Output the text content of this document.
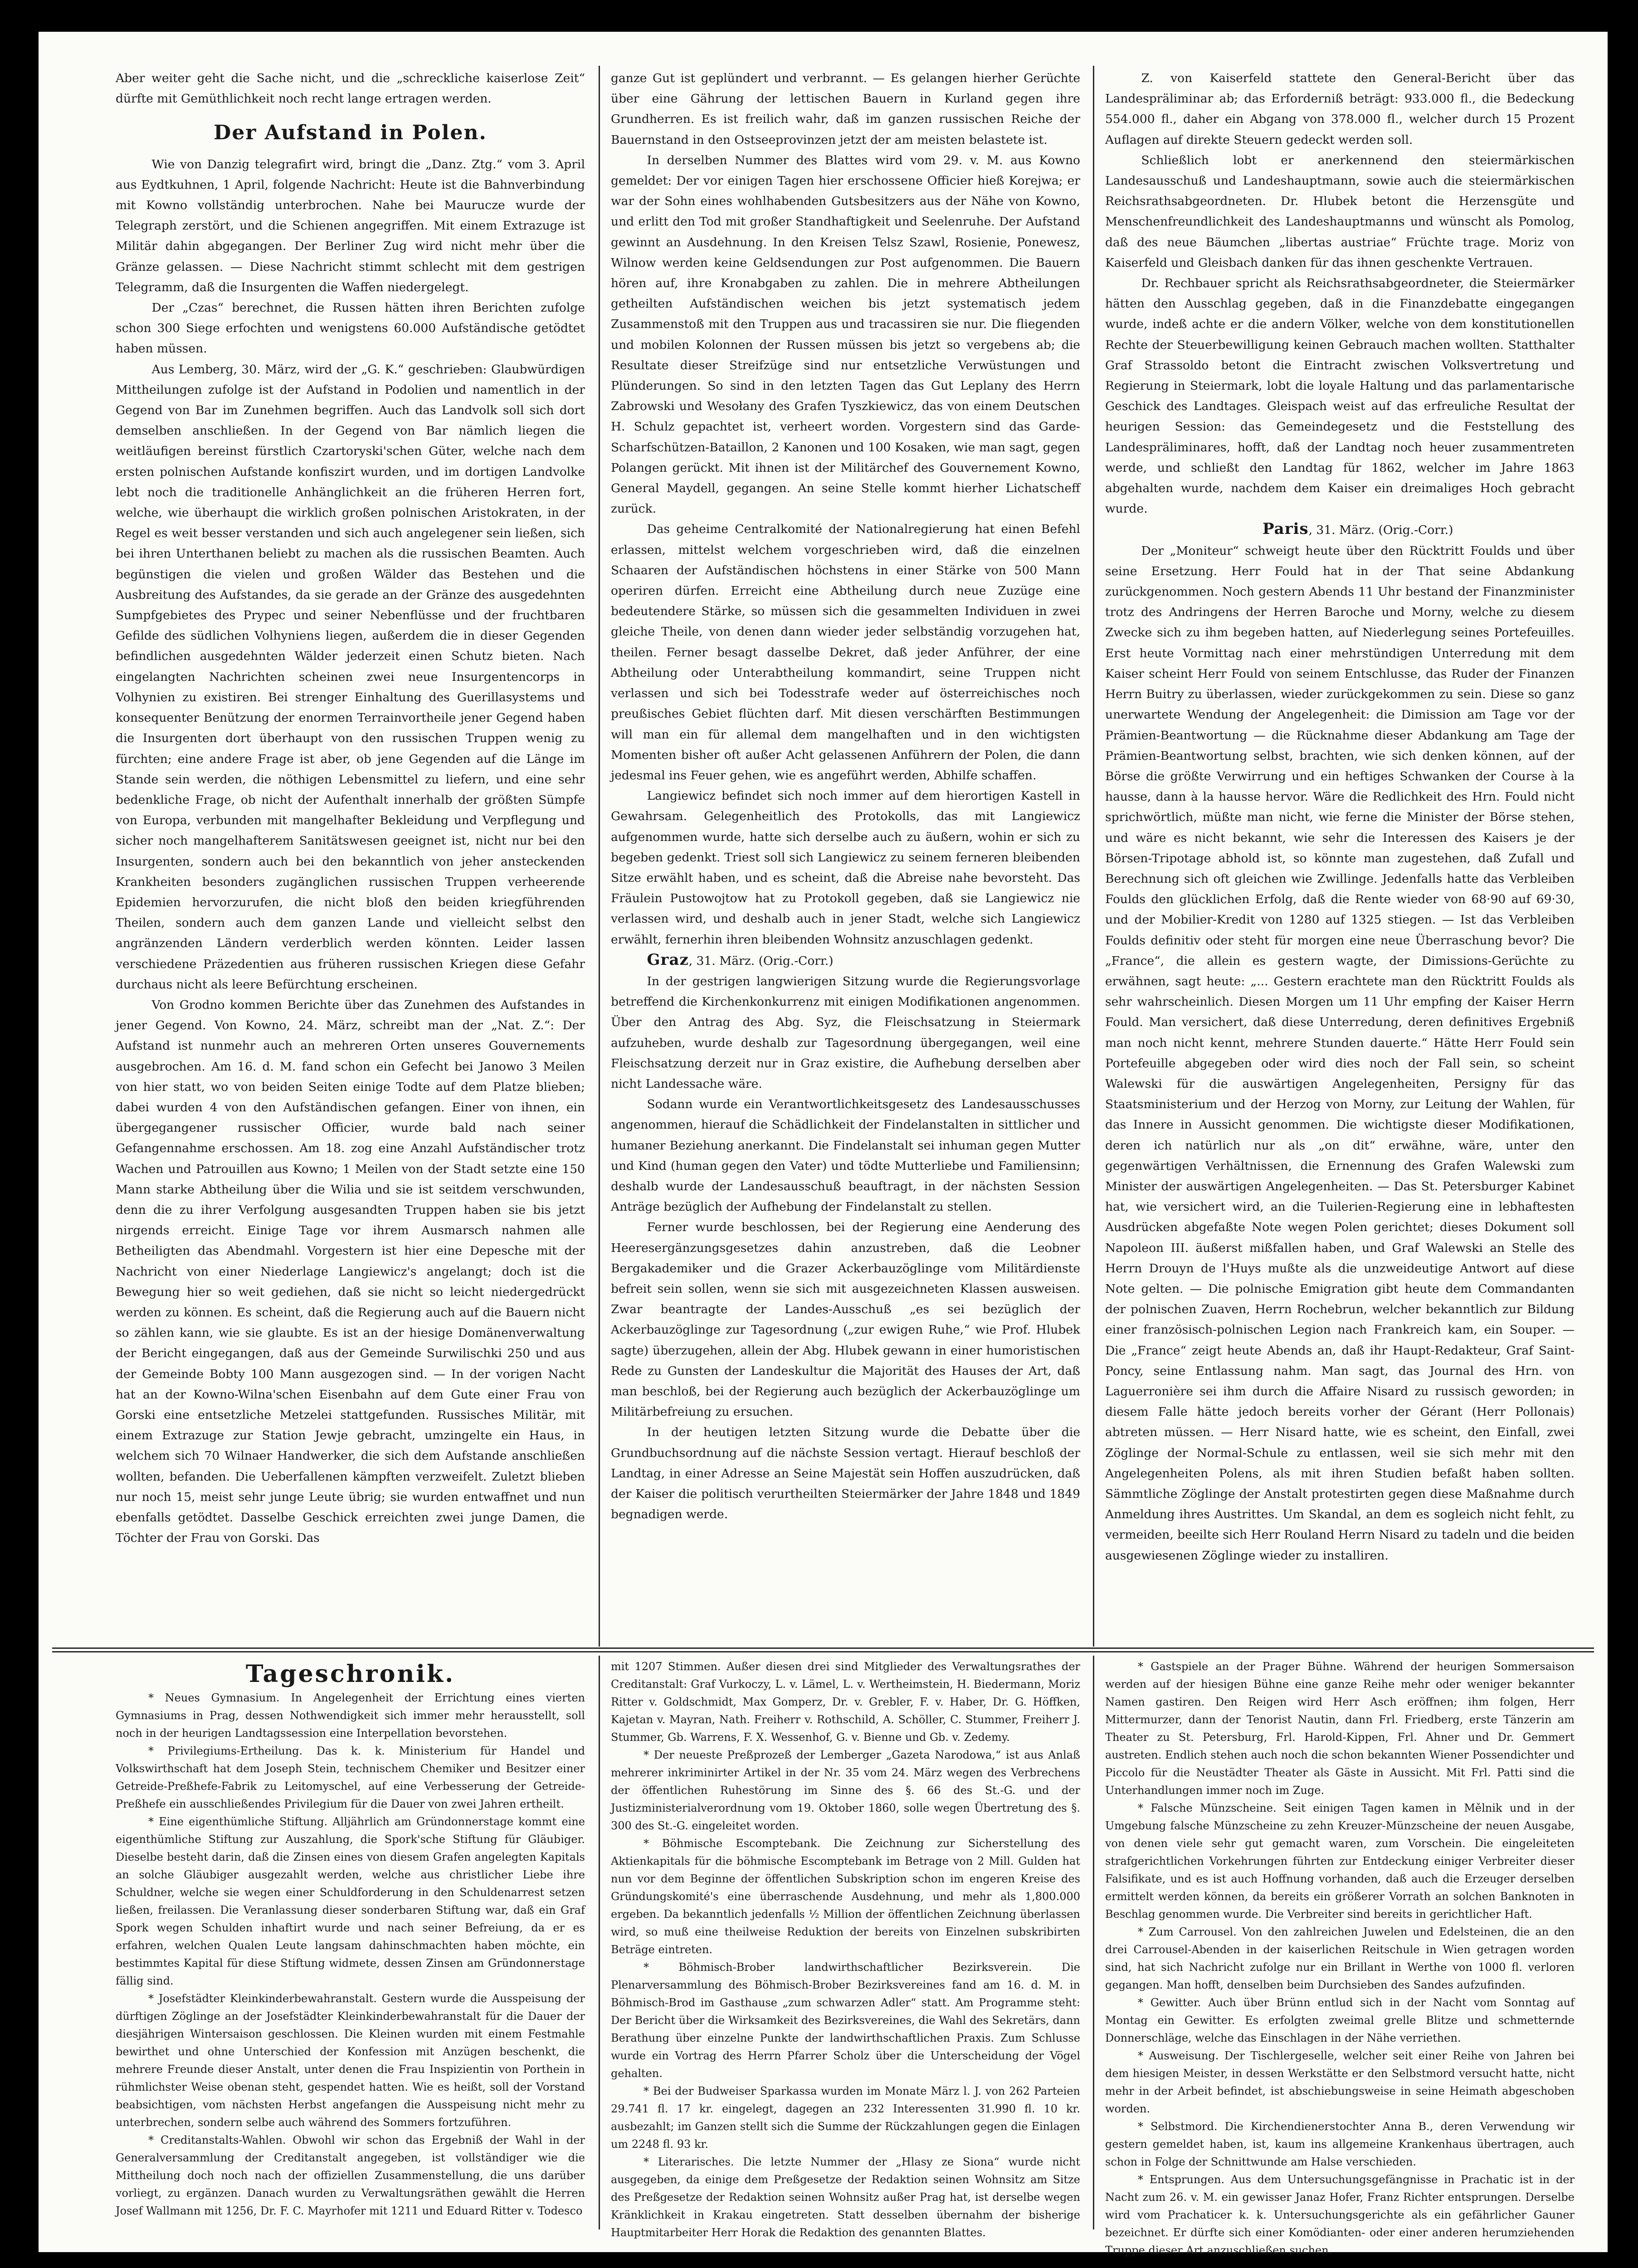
Aber weiter geht die Sache nicht, und die „schreckliche kaiserlose Zeit“ dürfte mit Gemüthlichkeit noch recht lange ertragen werden.

Der Aufstand in Polen.

Wie von Danzig telegrafirt wird, bringt die „Danz. Ztg.“ vom 3. April aus Eydtkuhnen, 1 April, folgende Nachricht: Heute ist die Bahnverbindung mit Kowno vollständig unterbrochen. Nahe bei Maurucze wurde der Telegraph zerstört, und die Schienen angegriffen. Mit einem Extrazuge ist Militär dahin abgegangen. Der Berliner Zug wird nicht mehr über die Gränze gelassen. — Diese Nachricht stimmt schlecht mit dem gestrigen Telegramm, daß die Insurgenten die Waffen niedergelegt.

Der „Czas“ berechnet, die Russen hätten ihren Berichten zufolge schon 300 Siege erfochten und wenigstens 60.000 Aufständische getödtet haben müssen.

Aus Lemberg, 30. März, wird der „G. K.“ geschrieben: Glaubwürdigen Mittheilungen zufolge ist der Aufstand in Podolien und namentlich in der Gegend von Bar im Zunehmen begriffen. Auch das Landvolk soll sich dort demselben anschließen. In der Gegend von Bar nämlich liegen die weitläufigen bereinst fürstlich Czartoryski'schen Güter, welche nach dem ersten polnischen Aufstande konfiszirt wurden, und im dortigen Landvolke lebt noch die traditionelle Anhänglichkeit an die früheren Herren fort, welche, wie überhaupt die wirklich großen polnischen Aristokraten, in der Regel es weit besser verstanden und sich auch angelegener sein ließen, sich bei ihren Unterthanen beliebt zu machen als die russischen Beamten. Auch begünstigen die vielen und großen Wälder das Bestehen und die Ausbreitung des Aufstandes, da sie gerade an der Gränze des ausgedehnten Sumpfgebietes des Prypec und seiner Nebenflüsse und der fruchtbaren Gefilde des südlichen Volhyniens liegen, außerdem die in dieser Gegenden befindlichen ausgedehnten Wälder jederzeit einen Schutz bieten. Nach eingelangten Nachrichten scheinen zwei neue Insurgentencorps in Volhynien zu existiren. Bei strenger Einhaltung des Guerillasystems und konsequenter Benützung der enormen Terrainvortheile jener Gegend haben die Insurgenten dort überhaupt von den russischen Truppen wenig zu fürchten; eine andere Frage ist aber, ob jene Gegenden auf die Länge im Stande sein werden, die nöthigen Lebensmittel zu liefern, und eine sehr bedenkliche Frage, ob nicht der Aufenthalt innerhalb der größten Sümpfe von Europa, verbunden mit mangelhafter Bekleidung und Verpflegung und sicher noch mangelhafterem Sanitätswesen geeignet ist, nicht nur bei den Insurgenten, sondern auch bei den bekanntlich von jeher ansteckenden Krankheiten besonders zugänglichen russischen Truppen verheerende Epidemien hervorzurufen, die nicht bloß den beiden kriegführenden Theilen, sondern auch dem ganzen Lande und vielleicht selbst den angränzenden Ländern verderblich werden könnten. Leider lassen verschiedene Präzedentien aus früheren russischen Kriegen diese Gefahr durchaus nicht als leere Befürchtung erscheinen.

Von Grodno kommen Berichte über das Zunehmen des Aufstandes in jener Gegend. Von Kowno, 24. März, schreibt man der „Nat. Z.“: Der Aufstand ist nunmehr auch an mehreren Orten unseres Gouvernements ausgebrochen. Am 16. d. M. fand schon ein Gefecht bei Janowo 3 Meilen von hier statt, wo von beiden Seiten einige Todte auf dem Platze blieben; dabei wurden 4 von den Aufständischen gefangen. Einer von ihnen, ein übergegangener russischer Officier, wurde bald nach seiner Gefangennahme erschossen. Am 18. zog eine Anzahl Aufständischer trotz Wachen und Patrouillen aus Kowno; 1 Meilen von der Stadt setzte eine 150 Mann starke Abtheilung über die Wilia und sie ist seitdem verschwunden, denn die zu ihrer Verfolgung ausgesandten Truppen haben sie bis jetzt nirgends erreicht. Einige Tage vor ihrem Ausmarsch nahmen alle Betheiligten das Abendmahl. Vorgestern ist hier eine Depesche mit der Nachricht von einer Niederlage Langiewicz's angelangt; doch ist die Bewegung hier so weit gediehen, daß sie nicht so leicht niedergedrückt werden zu können. Es scheint, daß die Regierung auch auf die Bauern nicht so zählen kann, wie sie glaubte. Es ist an der hiesige Domänenverwaltung der Bericht eingegangen, daß aus der Gemeinde Surwilischki 250 und aus der Gemeinde Bobty 100 Mann ausgezogen sind. — In der vorigen Nacht hat an der Kowno-Wilna'schen Eisenbahn auf dem Gute einer Frau von Gorski eine entsetzliche Metzelei stattgefunden. Russisches Militär, mit einem Extrazuge zur Station Jewje gebracht, umzingelte ein Haus, in welchem sich 70 Wilnaer Handwerker, die sich dem Aufstande anschließen wollten, befanden. Die Ueberfallenen kämpften verzweifelt. Zuletzt blieben nur noch 15, meist sehr junge Leute übrig; sie wurden entwaffnet und nun ebenfalls getödtet. Dasselbe Geschick erreichten zwei junge Damen, die Töchter der Frau von Gorski. Das

ganze Gut ist geplündert und verbrannt. — Es gelangen hierher Gerüchte über eine Gährung der lettischen Bauern in Kurland gegen ihre Grundherren. Es ist freilich wahr, daß im ganzen russischen Reiche der Bauernstand in den Ostseeprovinzen jetzt der am meisten belastete ist.

In derselben Nummer des Blattes wird vom 29. v. M. aus Kowno gemeldet: Der vor einigen Tagen hier erschossene Officier hieß Korejwa; er war der Sohn eines wohlhabenden Gutsbesitzers aus der Nähe von Kowno, und erlitt den Tod mit großer Standhaftigkeit und Seelenruhe. Der Aufstand gewinnt an Ausdehnung. In den Kreisen Telsz Szawl, Rosienie, Ponewesz, Wilnow werden keine Geldsendungen zur Post aufgenommen. Die Bauern hören auf, ihre Kronabgaben zu zahlen. Die in mehrere Abtheilungen getheilten Aufständischen weichen bis jetzt systematisch jedem Zusammenstoß mit den Truppen aus und tracassiren sie nur. Die fliegenden und mobilen Kolonnen der Russen müssen bis jetzt so vergebens ab; die Resultate dieser Streifzüge sind nur entsetzliche Verwüstungen und Plünderungen. So sind in den letzten Tagen das Gut Leplany des Herrn Zabrowski und Wesołany des Grafen Tyszkiewicz, das von einem Deutschen H. Schulz gepachtet ist, verheert worden. Vorgestern sind das Garde-Scharfschützen-Bataillon, 2 Kanonen und 100 Kosaken, wie man sagt, gegen Polangen gerückt. Mit ihnen ist der Militärchef des Gouvernement Kowno, General Maydell, gegangen. An seine Stelle kommt hierher Lichatscheff zurück.

Das geheime Centralkomité der Nationalregierung hat einen Befehl erlassen, mittelst welchem vorgeschrieben wird, daß die einzelnen Schaaren der Aufständischen höchstens in einer Stärke von 500 Mann operiren dürfen. Erreicht eine Abtheilung durch neue Zuzüge eine bedeutendere Stärke, so müssen sich die gesammelten Individuen in zwei gleiche Theile, von denen dann wieder jeder selbständig vorzugehen hat, theilen. Ferner besagt dasselbe Dekret, daß jeder Anführer, der eine Abtheilung oder Unterabtheilung kommandirt, seine Truppen nicht verlassen und sich bei Todesstrafe weder auf österreichisches noch preußisches Gebiet flüchten darf. Mit diesen verschärften Bestimmungen will man ein für allemal dem mangelhaften und in den wichtigsten Momenten bisher oft außer Acht gelassenen Anführern der Polen, die dann jedesmal ins Feuer gehen, wie es angeführt werden, Abhilfe schaffen.

Langiewicz befindet sich noch immer auf dem hierortigen Kastell in Gewahrsam. Gelegenheitlich des Protokolls, das mit Langiewicz aufgenommen wurde, hatte sich derselbe auch zu äußern, wohin er sich zu begeben gedenkt. Triest soll sich Langiewicz zu seinem ferneren bleibenden Sitze erwählt haben, und es scheint, daß die Abreise nahe bevorsteht. Das Fräulein Pustowojtow hat zu Protokoll gegeben, daß sie Langiewicz nie verlassen wird, und deshalb auch in jener Stadt, welche sich Langiewicz erwählt, fernerhin ihren bleibenden Wohnsitz anzuschlagen gedenkt.

Graz, 31. März. (Orig.-Corr.)

In der gestrigen langwierigen Sitzung wurde die Regierungsvorlage betreffend die Kirchenkonkurrenz mit einigen Modifikationen angenommen. Über den Antrag des Abg. Syz, die Fleischsatzung in Steiermark aufzuheben, wurde deshalb zur Tagesordnung übergegangen, weil eine Fleischsatzung derzeit nur in Graz existire, die Aufhebung derselben aber nicht Landessache wäre.

Sodann wurde ein Verantwortlichkeitsgesetz des Landesausschusses angenommen, hierauf die Schädlichkeit der Findelanstalten in sittlicher und humaner Beziehung anerkannt. Die Findelanstalt sei inhuman gegen Mutter und Kind (human gegen den Vater) und tödte Mutterliebe und Familiensinn; deshalb wurde der Landesausschuß beauftragt, in der nächsten Session Anträge bezüglich der Aufhebung der Findelanstalt zu stellen.

Ferner wurde beschlossen, bei der Regierung eine Aenderung des Heeresergänzungsgesetzes dahin anzustreben, daß die Leobner Bergakademiker und die Grazer Ackerbauzöglinge vom Militärdienste befreit sein sollen, wenn sie sich mit ausgezeichneten Klassen ausweisen. Zwar beantragte der Landes-Ausschuß „es sei bezüglich der Ackerbauzöglinge zur Tagesordnung („zur ewigen Ruhe,“ wie Prof. Hlubek sagte) überzugehen, allein der Abg. Hlubek gewann in einer humoristischen Rede zu Gunsten der Landeskultur die Majorität des Hauses der Art, daß man beschloß, bei der Regierung auch bezüglich der Ackerbauzöglinge um Militärbefreiung zu ersuchen.

In der heutigen letzten Sitzung wurde die Debatte über die Grundbuchsordnung auf die nächste Session vertagt. Hierauf beschloß der Landtag, in einer Adresse an Seine Majestät sein Hoffen auszudrücken, daß der Kaiser die politisch verurtheilten Steiermärker der Jahre 1848 und 1849 begnadigen werde.

Z. von Kaiserfeld stattete den General-Bericht über das Landespräliminar ab; das Erforderniß beträgt: 933.000 fl., die Bedeckung 554.000 fl., daher ein Abgang von 378.000 fl., welcher durch 15 Prozent Auflagen auf direkte Steuern gedeckt werden soll.

Schließlich lobt er anerkennend den steiermärkischen Landesausschuß und Landeshauptmann, sowie auch die steiermärkischen Reichsrathsabgeordneten. Dr. Hlubek betont die Herzensgüte und Menschenfreundlichkeit des Landeshauptmanns und wünscht als Pomolog, daß des neue Bäumchen „libertas austriae“ Früchte trage. Moriz von Kaiserfeld und Gleisbach danken für das ihnen geschenkte Vertrauen.

Dr. Rechbauer spricht als Reichsrathsabgeordneter, die Steiermärker hätten den Ausschlag gegeben, daß in die Finanzdebatte eingegangen wurde, indeß achte er die andern Völker, welche von dem konstitutionellen Rechte der Steuerbewilligung keinen Gebrauch machen wollten. Statthalter Graf Strassoldo betont die Eintracht zwischen Volksvertretung und Regierung in Steiermark, lobt die loyale Haltung und das parlamentarische Geschick des Landtages. Gleispach weist auf das erfreuliche Resultat der heurigen Session: das Gemeindegesetz und die Feststellung des Landespräliminares, hofft, daß der Landtag noch heuer zusammentreten werde, und schließt den Landtag für 1862, welcher im Jahre 1863 abgehalten wurde, nachdem dem Kaiser ein dreimaliges Hoch gebracht wurde.

Paris, 31. März. (Orig.-Corr.)

Der „Moniteur“ schweigt heute über den Rücktritt Foulds und über seine Ersetzung. Herr Fould hat in der That seine Abdankung zurückgenommen. Noch gestern Abends 11 Uhr bestand der Finanzminister trotz des Andringens der Herren Baroche und Morny, welche zu diesem Zwecke sich zu ihm begeben hatten, auf Niederlegung seines Portefeuilles. Erst heute Vormittag nach einer mehrstündigen Unterredung mit dem Kaiser scheint Herr Fould von seinem Entschlusse, das Ruder der Finanzen Herrn Buitry zu überlassen, wieder zurückgekommen zu sein. Diese so ganz unerwartete Wendung der Angelegenheit: die Dimission am Tage vor der Prämien-Beantwortung — die Rücknahme dieser Abdankung am Tage der Prämien-Beantwortung selbst, brachten, wie sich denken können, auf der Börse die größte Verwirrung und ein heftiges Schwanken der Course à la hausse, dann à la hausse hervor. Wäre die Redlichkeit des Hrn. Fould nicht sprichwörtlich, müßte man nicht, wie ferne die Minister der Börse stehen, und wäre es nicht bekannt, wie sehr die Interessen des Kaisers je der Börsen-Tripotage abhold ist, so könnte man zugestehen, daß Zufall und Berechnung sich oft gleichen wie Zwillinge. Jedenfalls hatte das Verbleiben Foulds den glücklichen Erfolg, daß die Rente wieder von 68·90 auf 69·30, und der Mobilier-Kredit von 1280 auf 1325 stiegen. — Ist das Verbleiben Foulds definitiv oder steht für morgen eine neue Überraschung bevor? Die „France“, die allein es gestern wagte, der Dimissions-Gerüchte zu erwähnen, sagt heute: „... Gestern erachtete man den Rücktritt Foulds als sehr wahrscheinlich. Diesen Morgen um 11 Uhr empfing der Kaiser Herrn Fould. Man versichert, daß diese Unterredung, deren definitives Ergebniß man noch nicht kennt, mehrere Stunden dauerte.“ Hätte Herr Fould sein Portefeuille abgegeben oder wird dies noch der Fall sein, so scheint Walewski für die auswärtigen Angelegenheiten, Persigny für das Staatsministerium und der Herzog von Morny, zur Leitung der Wahlen, für das Innere in Aussicht genommen. Die wichtigste dieser Modifikationen, deren ich natürlich nur als „on dit“ erwähne, wäre, unter den gegenwärtigen Verhältnissen, die Ernennung des Grafen Walewski zum Minister der auswärtigen Angelegenheiten. — Das St. Petersburger Kabinet hat, wie versichert wird, an die Tuilerien-Regierung eine in lebhaftesten Ausdrücken abgefaßte Note wegen Polen gerichtet; dieses Dokument soll Napoleon III. äußerst mißfallen haben, und Graf Walewski an Stelle des Herrn Drouyn de l'Huys mußte als die unzweideutige Antwort auf diese Note gelten. — Die polnische Emigration gibt heute dem Commandanten der polnischen Zuaven, Herrn Rochebrun, welcher bekanntlich zur Bildung einer französisch-polnischen Legion nach Frankreich kam, ein Souper. — Die „France“ zeigt heute Abends an, daß ihr Haupt-Redakteur, Graf Saint-Poncy, seine Entlassung nahm. Man sagt, das Journal des Hrn. von Laguerronière sei ihm durch die Affaire Nisard zu russisch geworden; in diesem Falle hätte jedoch bereits vorher der Gérant (Herr Pollonais) abtreten müssen. — Herr Nisard hatte, wie es scheint, den Einfall, zwei Zöglinge der Normal-Schule zu entlassen, weil sie sich mehr mit den Angelegenheiten Polens, als mit ihren Studien befaßt haben sollten. Sämmtliche Zöglinge der Anstalt protestirten gegen diese Maßnahme durch Anmeldung ihres Austrittes. Um Skandal, an dem es sogleich nicht fehlt, zu vermeiden, beeilte sich Herr Rouland Herrn Nisard zu tadeln und die beiden ausgewiesenen Zöglinge wieder zu installiren.

Tageschronik.

* Neues Gymnasium. In Angelegenheit der Errichtung eines vierten Gymnasiums in Prag, dessen Nothwendigkeit sich immer mehr herausstellt, soll noch in der heurigen Landtagssession eine Interpellation bevorstehen.

* Privilegiums-Ertheilung. Das k. k. Ministerium für Handel und Volkswirthschaft hat dem Joseph Stein, technischem Chemiker und Besitzer einer Getreide-Preßhefe-Fabrik zu Leitomyschel, auf eine Verbesserung der Getreide-Preßhefe ein ausschließendes Privilegium für die Dauer von zwei Jahren ertheilt.

* Eine eigenthümliche Stiftung. Alljährlich am Gründonnerstage kommt eine eigenthümliche Stiftung zur Auszahlung, die Spork'sche Stiftung für Gläubiger. Dieselbe besteht darin, daß die Zinsen eines von diesem Grafen angelegten Kapitals an solche Gläubiger ausgezahlt werden, welche aus christlicher Liebe ihre Schuldner, welche sie wegen einer Schuldforderung in den Schuldenarrest setzen ließen, freilassen. Die Veranlassung dieser sonderbaren Stiftung war, daß ein Graf Spork wegen Schulden inhaftirt wurde und nach seiner Befreiung, da er es erfahren, welchen Qualen Leute langsam dahinschmachten haben möchte, ein bestimmtes Kapital für diese Stiftung widmete, dessen Zinsen am Gründonnerstage fällig sind.

* Josefstädter Kleinkinderbewahranstalt. Gestern wurde die Ausspeisung der dürftigen Zöglinge an der Josefstädter Kleinkinderbewahranstalt für die Dauer der diesjährigen Wintersaison geschlossen. Die Kleinen wurden mit einem Festmahle bewirthet und ohne Unterschied der Konfession mit Anzügen beschenkt, die mehrere Freunde dieser Anstalt, unter denen die Frau Inspizientin von Porthein in rühmlichster Weise obenan steht, gespendet hatten. Wie es heißt, soll der Vorstand beabsichtigen, vom nächsten Herbst angefangen die Ausspeisung nicht mehr zu unterbrechen, sondern selbe auch während des Sommers fortzuführen.

* Creditanstalts-Wahlen. Obwohl wir schon das Ergebniß der Wahl in der Generalversammlung der Creditanstalt angegeben, ist vollständiger wie die Mittheilung doch noch nach der offiziellen Zusammenstellung, die uns darüber vorliegt, zu ergänzen. Danach wurden zu Verwaltungsräthen gewählt die Herren Josef Wallmann mit 1256, Dr. F. C. Mayrhofer mit 1211 und Eduard Ritter v. Todesco

mit 1207 Stimmen. Außer diesen drei sind Mitglieder des Verwaltungsrathes der Creditanstalt: Graf Vurkoczy, L. v. Lämel, L. v. Wertheimstein, H. Biedermann, Moriz Ritter v. Goldschmidt, Max Gomperz, Dr. v. Grebler, F. v. Haber, Dr. G. Höffken, Kajetan v. Mayran, Nath. Freiherr v. Rothschild, A. Schöller, C. Stummer, Freiherr J. Stummer, Gb. Warrens, F. X. Wessenhof, G. v. Bienne und Gb. v. Zedemy.

* Der neueste Preßprozeß der Lemberger „Gazeta Narodowa,“ ist aus Anlaß mehrerer inkriminirter Artikel in der Nr. 35 vom 24. März wegen des Verbrechens der öffentlichen Ruhestörung im Sinne des §. 66 des St.-G. und der Justizministerialverordnung vom 19. Oktober 1860, solle wegen Übertretung des §. 300 des St.-G. eingeleitet worden.

* Böhmische Escomptebank. Die Zeichnung zur Sicherstellung des Aktienkapitals für die böhmische Escomptebank im Betrage von 2 Mill. Gulden hat nun vor dem Beginne der öffentlichen Subskription schon im engeren Kreise des Gründungskomité's eine überraschende Ausdehnung, und mehr als 1,800.000 ergeben. Da bekanntlich jedenfalls ½ Million der öffentlichen Zeichnung überlassen wird, so muß eine theilweise Reduktion der bereits von Einzelnen subskribirten Beträge eintreten.

* Böhmisch-Brober landwirthschaftlicher Bezirksverein. Die Plenarversammlung des Böhmisch-Brober Bezirksvereines fand am 16. d. M. in Böhmisch-Brod im Gasthause „zum schwarzen Adler“ statt. Am Programme steht: Der Bericht über die Wirksamkeit des Bezirksvereines, die Wahl des Sekretärs, dann Berathung über einzelne Punkte der landwirthschaftlichen Praxis. Zum Schlusse wurde ein Vortrag des Herrn Pfarrer Scholz über die Unterscheidung der Vögel gehalten.

* Bei der Budweiser Sparkassa wurden im Monate März l. J. von 262 Parteien 29.741 fl. 17 kr. eingelegt, dagegen an 232 Interessenten 31.990 fl. 10 kr. ausbezahlt; im Ganzen stellt sich die Summe der Rückzahlungen gegen die Einlagen um 2248 fl. 93 kr.

* Literarisches. Die letzte Nummer der „Hlasy ze Siona“ wurde nicht ausgegeben, da einige dem Preßgesetze der Redaktion seinen Wohnsitz am Sitze des Preßgesetze der Redaktion seinen Wohnsitz außer Prag hat, ist derselbe wegen Kränklichkeit in Krakau eingetreten. Statt desselben übernahm der bisherige Hauptmitarbeiter Herr Horak die Redaktion des genannten Blattes.

* Gastspiele an der Prager Bühne. Während der heurigen Sommersaison werden auf der hiesigen Bühne eine ganze Reihe mehr oder weniger bekannter Namen gastiren. Den Reigen wird Herr Asch eröffnen; ihm folgen, Herr Mittermurzer, dann der Tenorist Nautin, dann Frl. Friedberg, erste Tänzerin am Theater zu St. Petersburg, Frl. Harold-Kippen, Frl. Ahner und Dr. Gemmert austreten. Endlich stehen auch noch die schon bekannten Wiener Possendichter und Piccolo für die Neustädter Theater als Gäste in Aussicht. Mit Frl. Patti sind die Unterhandlungen immer noch im Zuge.

* Falsche Münzscheine. Seit einigen Tagen kamen in Mělnik und in der Umgebung falsche Münzscheine zu zehn Kreuzer-Münzscheine der neuen Ausgabe, von denen viele sehr gut gemacht waren, zum Vorschein. Die eingeleiteten strafgerichtlichen Vorkehrungen führten zur Entdeckung einiger Verbreiter dieser Falsifikate, und es ist auch Hoffnung vorhanden, daß auch die Erzeuger derselben ermittelt werden können, da bereits ein größerer Vorrath an solchen Banknoten in Beschlag genommen wurde. Die Verbreiter sind bereits in gerichtlicher Haft.

* Zum Carrousel. Von den zahlreichen Juwelen und Edelsteinen, die an den drei Carrousel-Abenden in der kaiserlichen Reitschule in Wien getragen worden sind, hat sich Nachricht zufolge nur ein Brillant in Werthe von 1000 fl. verloren gegangen. Man hofft, denselben beim Durchsieben des Sandes aufzufinden.

* Gewitter. Auch über Brünn entlud sich in der Nacht vom Sonntag auf Montag ein Gewitter. Es erfolgten zweimal grelle Blitze und schmetternde Donnerschläge, welche das Einschlagen in der Nähe verriethen.

* Ausweisung. Der Tischlergeselle, welcher seit einer Reihe von Jahren bei dem hiesigen Meister, in dessen Werkstätte er den Selbstmord versucht hatte, nicht mehr in der Arbeit befindet, ist abschiebungsweise in seine Heimath abgeschoben worden.

* Selbstmord. Die Kirchendienerstochter Anna B., deren Verwendung wir gestern gemeldet haben, ist, kaum ins allgemeine Krankenhaus übertragen, auch schon in Folge der Schnittwunde am Halse verschieden.

* Entsprungen. Aus dem Untersuchungsgefängnisse in Prachatic ist in der Nacht zum 26. v. M. ein gewisser Janaz Hofer, Franz Richter entsprungen. Derselbe wird vom Prachaticer k. k. Untersuchungsgerichte als ein gefährlicher Gauner bezeichnet. Er dürfte sich einer Komödianten- oder einer anderen herumziehenden Truppe dieser Art anzuschließen suchen.
